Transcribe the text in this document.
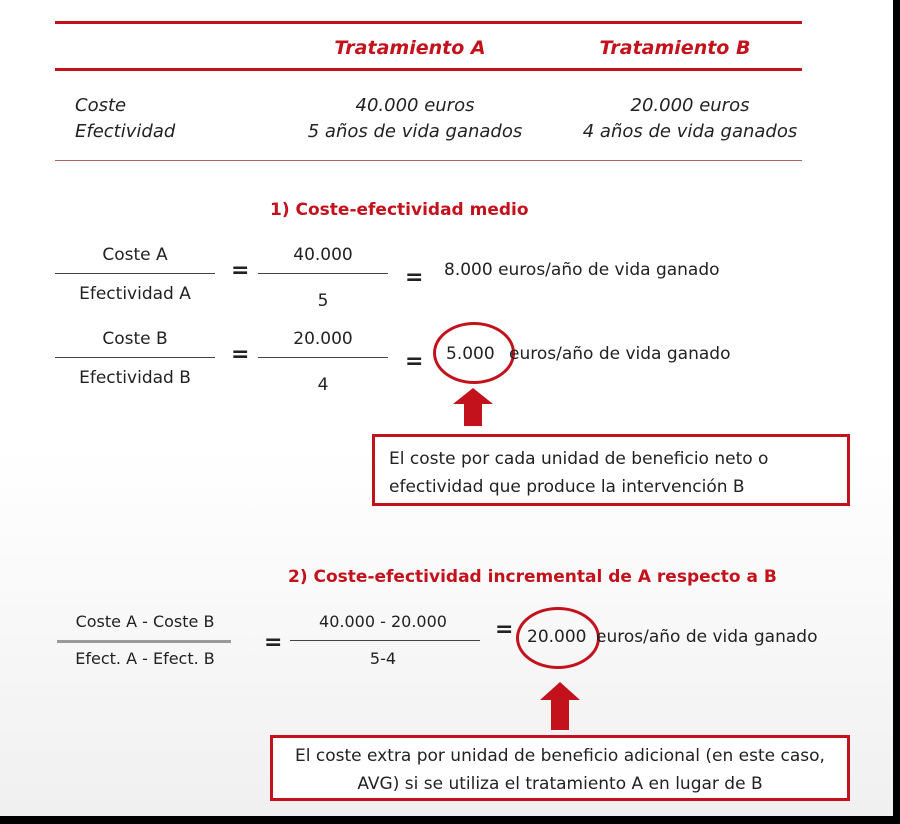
Tratamiento A	Tratamiento B
Coste
Efectividad
40.000 euros
5 años de vida ganados
20.000 euros
4 años de vida ganados
1) Coste-efectividad medio
Coste A
Efectividad A
=
40.000
5
= 8.000 euros/año de vida ganado
Coste B
Efectividad B
=
20.000
4
= 5.000 euros/año de vida ganado
El coste por cada unidad de beneficio neto o efectividad que produce la intervención B
2) Coste-efectividad incremental de A respecto a B
Coste A - Coste B
Efect. A - Efect. B
=
40.000 - 20.000
5-4
= 20.000 euros/año de vida ganado
El coste extra por unidad de beneficio adicional (en este caso, AVG) si se utiliza el tratamiento A en lugar de B
